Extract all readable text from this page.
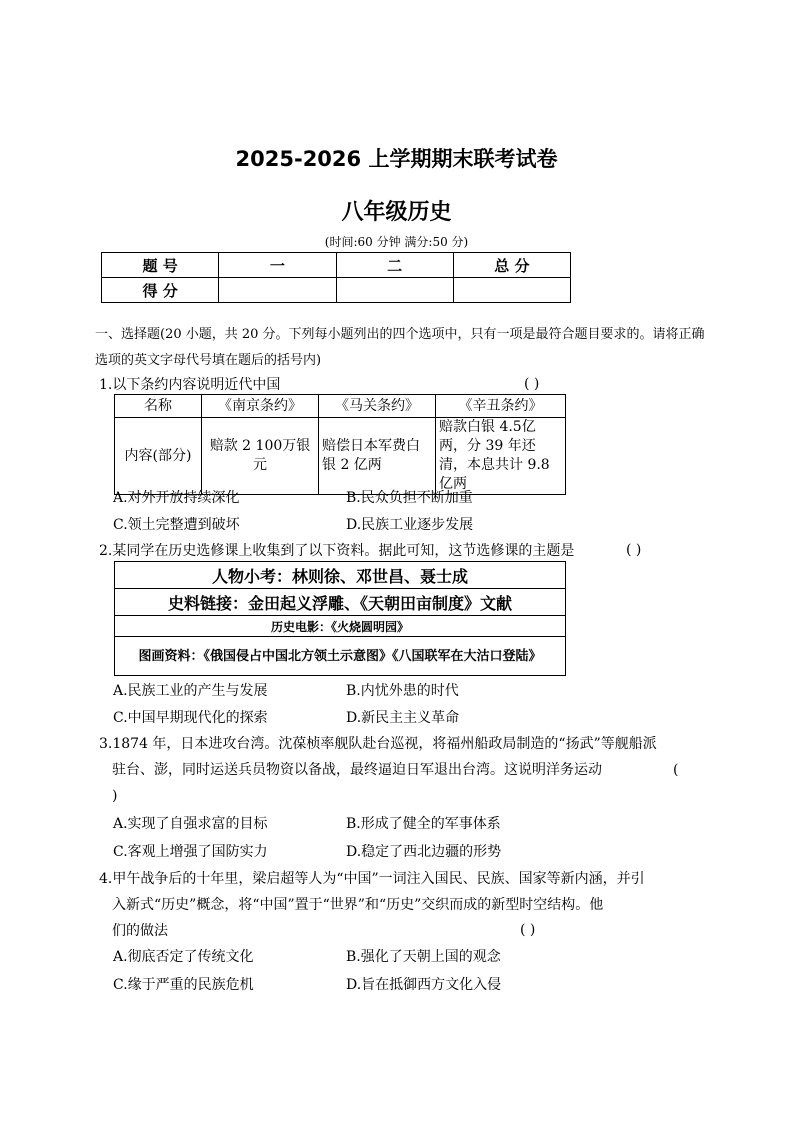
2025-2026 上学期期末联考试卷
八年级历史
(时间:60 分钟 满分:50 分)
题 号	一	二	总 分
得 分			
一、选择题(20 小题，共 20 分。下列每小题列出的四个选项中，只有一项是最符合题目要求的。请将正确选项的英文字母代号填在题后的括号内)
1.以下条约内容说明近代中国	( )
名称	《南京条约》	《马关条约》	《辛丑条约》
内容(部分)	赔款 2 100万银元	赔偿日本军费白银 2 亿两	赔款白银 4.5亿两，分 39 年还清，本息共计 9.8亿两
A.对外开放持续深化	B.民众负担不断加重
C.领土完整遭到破坏	D.民族工业逐步发展
2.某同学在历史选修课上收集到了以下资料。据此可知，这节选修课的主题是	( )
人物小考：林则徐、邓世昌、聂士成
史料链接：金田起义浮雕、《天朝田亩制度》文献
历史电影：《火烧圆明园》
图画资料：《俄国侵占中国北方领土示意图》《八国联军在大沽口登陆》
A.民族工业的产生与发展	B.内忧外患的时代
C.中国早期现代化的探索	D.新民主主义革命
3.1874 年，日本进攻台湾。沈葆桢率舰队赴台巡视，将福州船政局制造的“扬武”等舰船派
驻台、澎，同时运送兵员物资以备战，最终逼迫日军退出台湾。这说明洋务运动	(
)
A.实现了自强求富的目标	B.形成了健全的军事体系
C.客观上增强了国防实力	D.稳定了西北边疆的形势
4.甲午战争后的十年里，梁启超等人为“中国”一词注入国民、民族、国家等新内涵，并引
入新式“历史”概念，将“中国”置于“世界”和“历史”交织而成的新型时空结构。他
们的做法	( )
A.彻底否定了传统文化	B.强化了天朝上国的观念
C.缘于严重的民族危机	D.旨在抵御西方文化入侵
